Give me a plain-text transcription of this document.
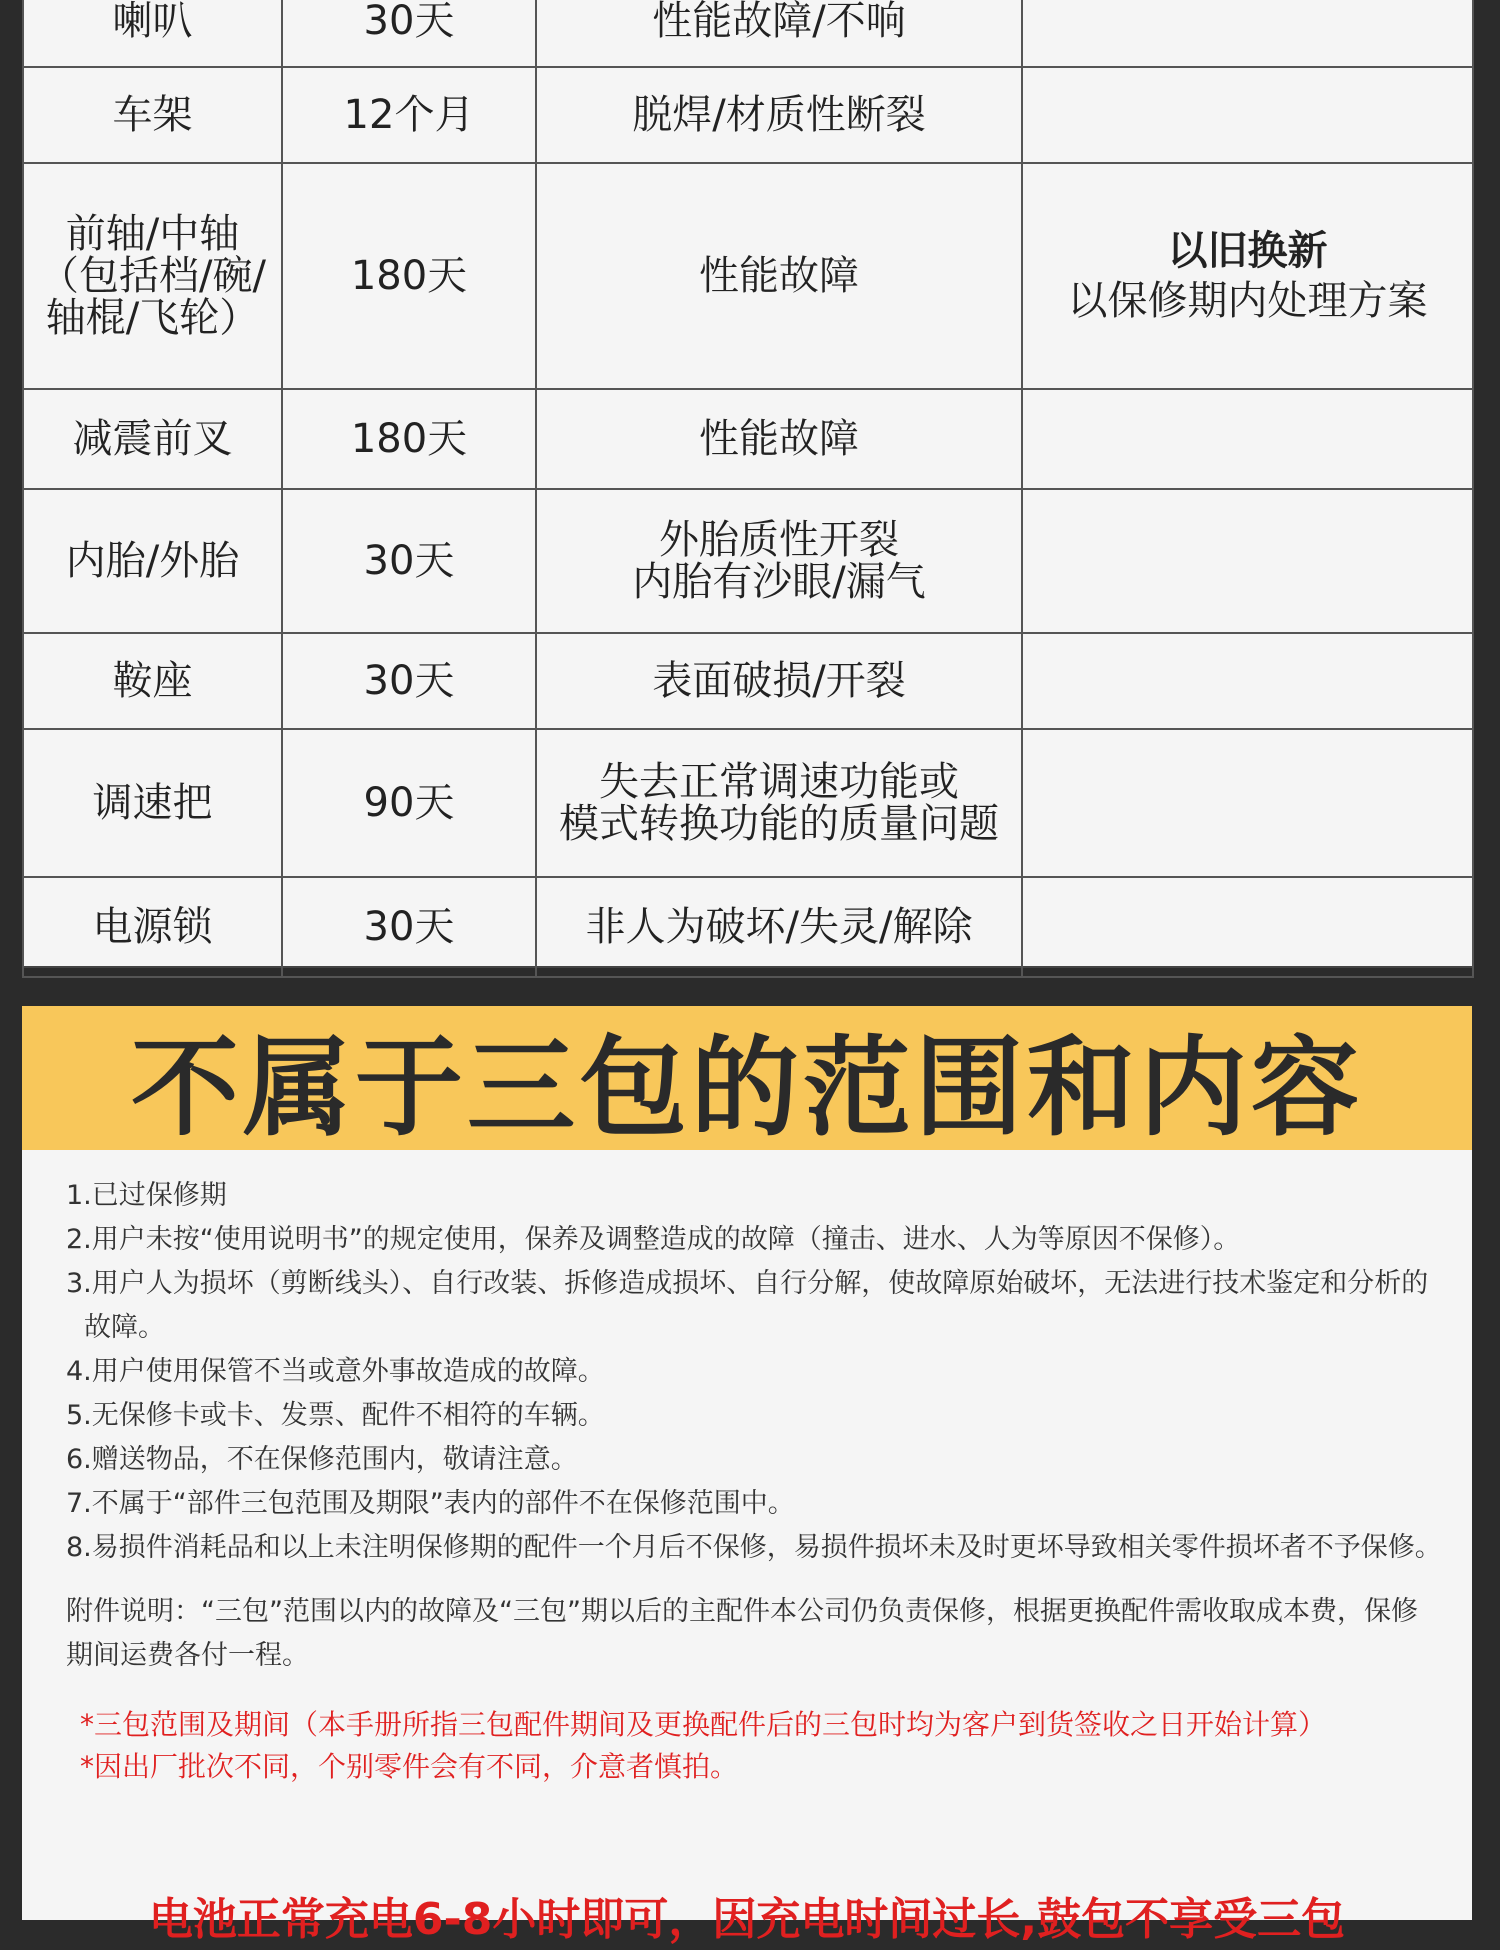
喇叭	30天	性能故障/不响	

车架	12个月	脱焊/材质性断裂	

前轴/中轴
（包括档/碗/
轴棍/飞轮）	180天	性能故障	以旧换新
以保修期内处理方案

减震前叉	180天	性能故障	

内胎/外胎	30天	外胎质性开裂
内胎有沙眼/漏气	

鞍座	30天	表面破损/开裂	

调速把	90天	失去正常调速功能或
模式转换功能的质量问题	

电源锁	30天	非人为破坏/失灵/解除	

不属于三包的范围和内容
1.已过保修期
2.用户未按“使用说明书”的规定使用，保养及调整造成的故障（撞击、进水、人为等原因不保修）。
3.用户人为损坏（剪断线头）、自行改装、拆修造成损坏、自行分解，使故障原始破坏，无法进行技术鉴定和分析的故障。
4.用户使用保管不当或意外事故造成的故障。
5.无保修卡或卡、发票、配件不相符的车辆。
6.赠送物品，不在保修范围内，敬请注意。
7.不属于“部件三包范围及期限”表内的部件不在保修范围中。
8.易损件消耗品和以上未注明保修期的配件一个月后不保修，易损件损坏未及时更坏导致相关零件损坏者不予保修。
附件说明：“三包”范围以内的故障及“三包”期以后的主配件本公司仍负责保修，根据更换配件需收取成本费，保修期间运费各付一程。

*三包范围及期间（本手册所指三包配件期间及更换配件后的三包时均为客户到货签收之日开始计算）

*因出厂批次不同，个别零件会有不同，介意者慎拍。

电池正常充电6-8小时即可，因充电时间过长,鼓包不享受三包
